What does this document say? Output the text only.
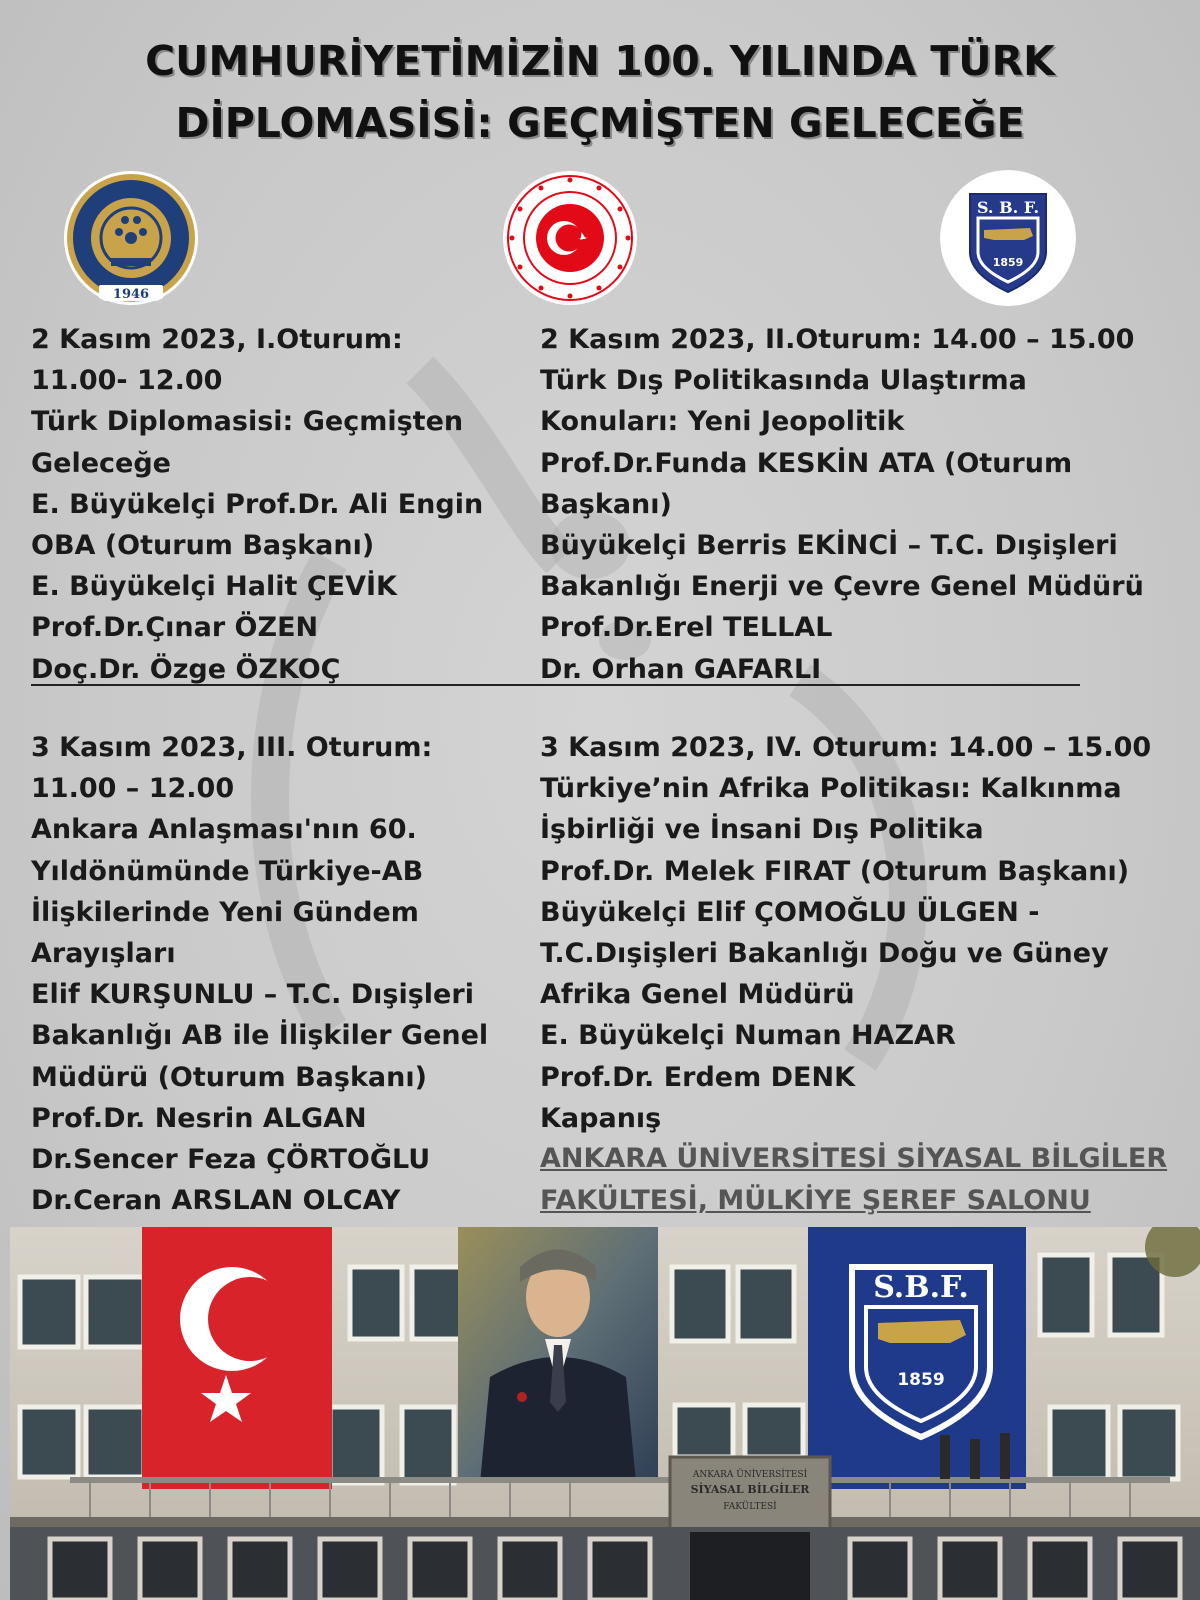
CUMHURİYETİMİZİN 100. YILINDA TÜRK
DİPLOMASİSİ: GEÇMİŞTEN GELECEĞE
1946
S. B. F.
1859
2 Kasım 2023, I.Oturum:
11.00- 12.00
Türk Diplomasisi: Geçmişten
Geleceğe
E. Büyükelçi Prof.Dr. Ali Engin
OBA (Oturum Başkanı)
E. Büyükelçi Halit ÇEVİK
Prof.Dr.Çınar ÖZEN
Doç.Dr. Özge ÖZKOÇ
2 Kasım 2023, II.Oturum: 14.00 – 15.00
Türk Dış Politikasında Ulaştırma
Konuları: Yeni Jeopolitik
Prof.Dr.Funda KESKİN ATA (Oturum
Başkanı)
Büyükelçi Berris EKİNCİ – T.C. Dışişleri
Bakanlığı Enerji ve Çevre Genel Müdürü
Prof.Dr.Erel TELLAL
Dr. Orhan GAFARLI
3 Kasım 2023, III. Oturum:
11.00 – 12.00
Ankara Anlaşması'nın 60.
Yıldönümünde Türkiye-AB
İlişkilerinde Yeni Gündem
Arayışları
Elif KURŞUNLU – T.C. Dışişleri
Bakanlığı AB ile İlişkiler Genel
Müdürü (Oturum Başkanı)
Prof.Dr. Nesrin ALGAN
Dr.Sencer Feza ÇÖRTOĞLU
Dr.Ceran ARSLAN OLCAY
3 Kasım 2023, IV. Oturum: 14.00 – 15.00
Türkiye’nin Afrika Politikası: Kalkınma
İşbirliği ve İnsani Dış Politika
Prof.Dr. Melek FIRAT (Oturum Başkanı)
Büyükelçi Elif ÇOMOĞLU ÜLGEN -
T.C.Dışişleri Bakanlığı Doğu ve Güney
Afrika Genel Müdürü
E. Büyükelçi Numan HAZAR
Prof.Dr. Erdem DENK
Kapanış
ANKARA ÜNİVERSİTESİ SİYASAL BİLGİLER
FAKÜLTESİ, MÜLKİYE ŞEREF SALONU
S.B.F.
1859
ANKARA ÜNİVERSİTESİ
SİYASAL BİLGİLER
FAKÜLTESİ
